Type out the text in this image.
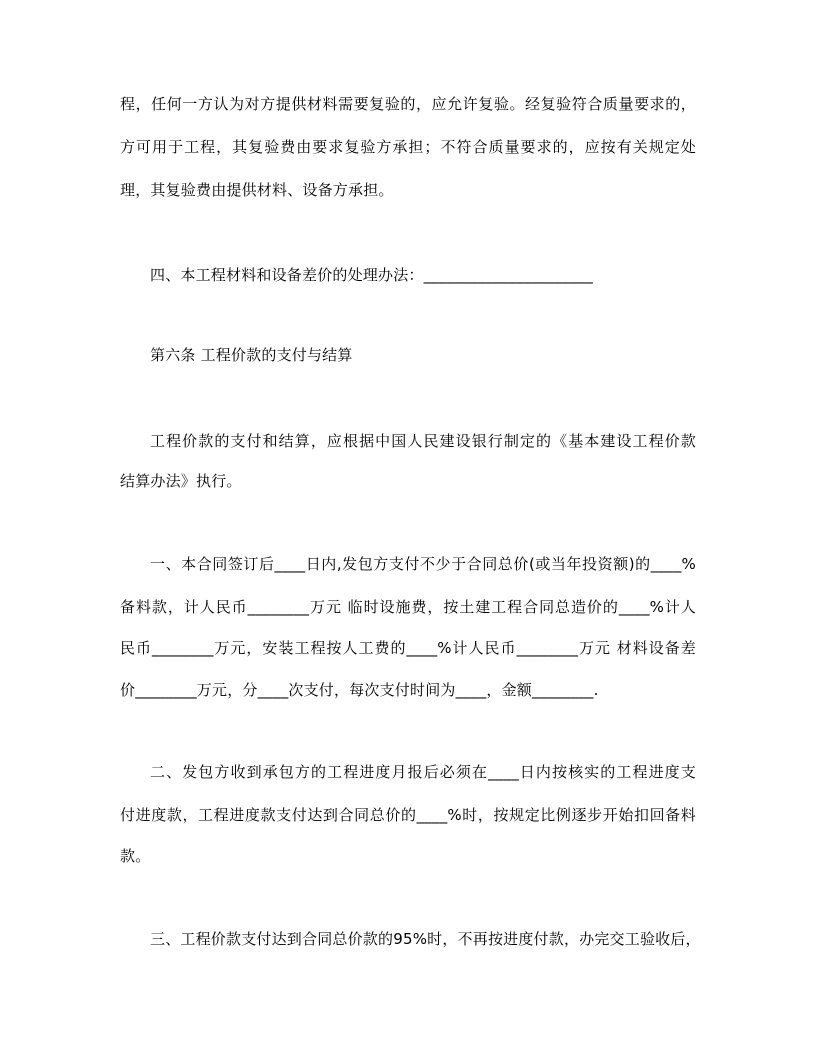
程，任何一方认为对方提供材料需要复验的，应允许复验。经复验符合质量要求的，
方可用于工程，其复验费由要求复验方承担；不符合质量要求的，应按有关规定处
理，其复验费由提供材料、设备方承担。
四、本工程材料和设备差价的处理办法：______________________
第六条 工程价款的支付与结算
工程价款的支付和结算，应根据中国人民建设银行制定的《基本建设工程价款
结算办法》执行。
一、本合同签订后____日内,发包方支付不少于合同总价(或当年投资额)的____%
备料款，计人民币________万元 临时设施费，按土建工程合同总造价的____%计人
民币________万元，安装工程按人工费的____%计人民币________万元 材料设备差
价________万元，分____次支付，每次支付时间为____，金额________.
二、发包方收到承包方的工程进度月报后必须在____日内按核实的工程进度支
付进度款，工程进度款支付达到合同总价的____%时，按规定比例逐步开始扣回备料
款。
三、工程价款支付达到合同总价款的95%时，不再按进度付款，办完交工验收后，
